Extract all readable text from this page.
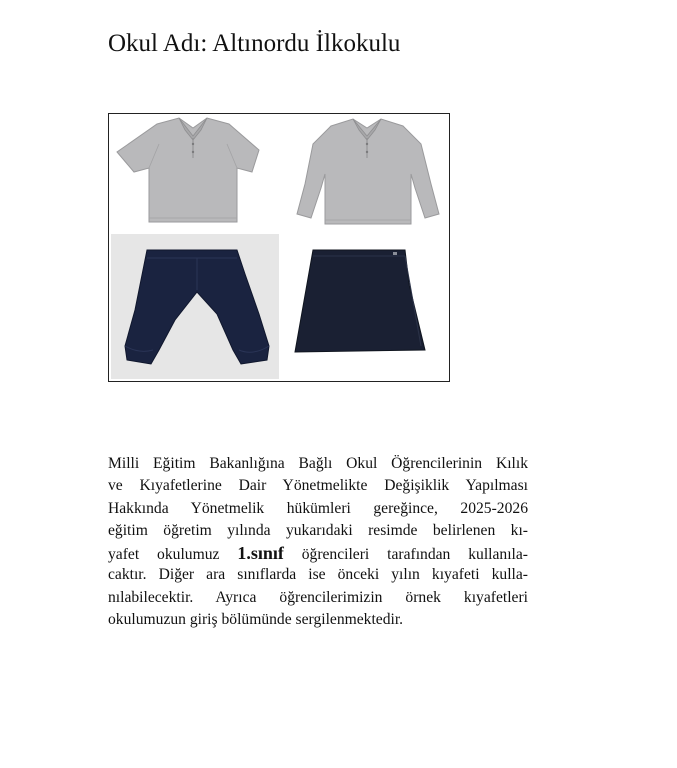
Okul Adı: Altınordu İlkokulu
Milli Eğitim Bakanlığına Bağlı Okul Öğrencilerinin Kılık
ve Kıyafetlerine Dair Yönetmelikte Değişiklik Yapılması
Hakkında Yönetmelik hükümleri gereğince, 2025-2026
eğitim öğretim yılında yukarıdaki resimde belirlenen kı-
yafet okulumuz 1.sınıf öğrencileri tarafından kullanıla-
caktır. Diğer ara sınıflarda ise önceki yılın kıyafeti kulla-
nılabilecektir. Ayrıca öğrencilerimizin örnek kıyafetleri
okulumuzun giriş bölümünde sergilenmektedir.
